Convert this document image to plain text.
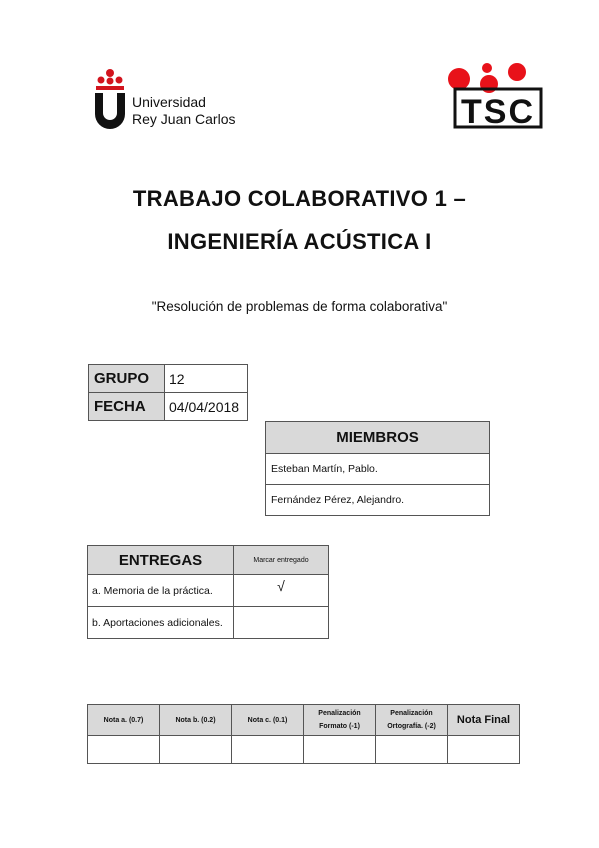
Universidad
Rey Juan Carlos	TSC
TRABAJO COLABORATIVO 1 –
INGENIERÍA ACÚSTICA I
"Resolución de problemas de forma colaborativa"
GRUPO	12
FECHA	04/04/2018
MIEMBROS
Esteban Martín, Pablo.
Fernández Pérez, Alejandro.
ENTREGAS	Marcar entregado
a. Memoria de la práctica.	√
b. Aportaciones adicionales.	
Nota a. (0.7)	Nota b. (0.2)	Nota c. (0.1)	Penalización Formato (-1)	Penalización Ortografía. (-2)	Nota Final
